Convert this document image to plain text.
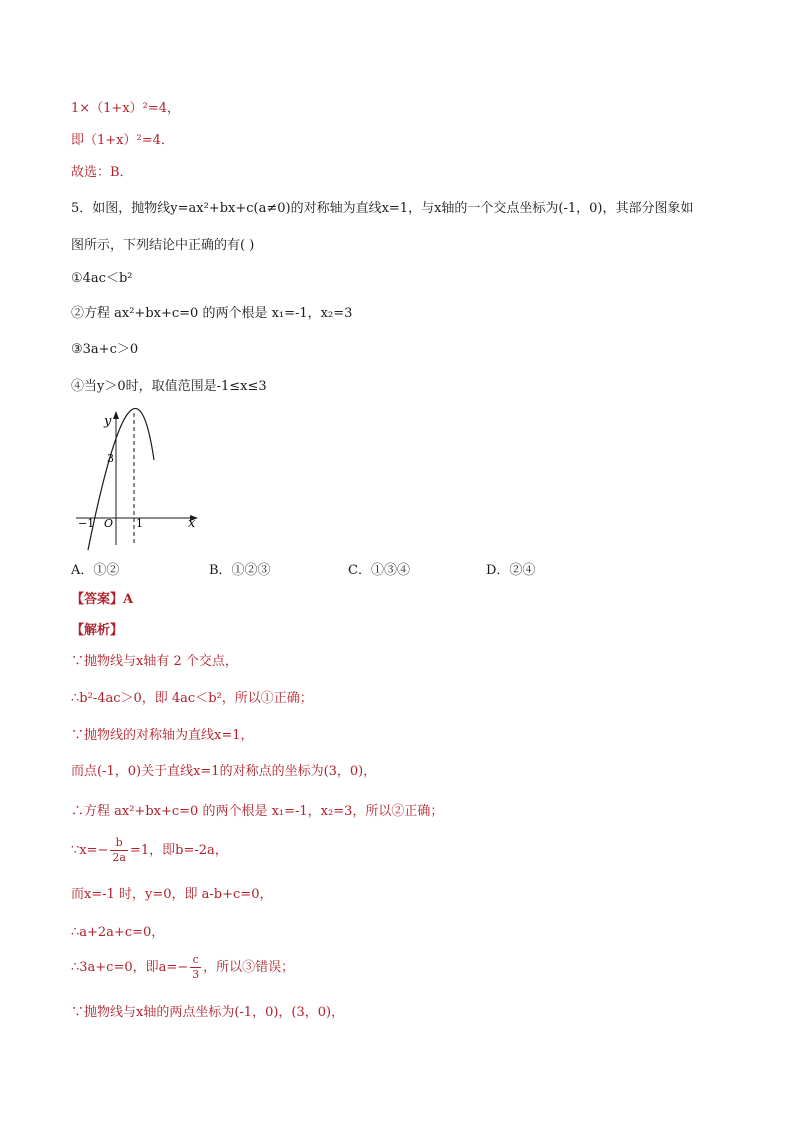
1×（1+x）²=4，
即（1+x）²=4．
故选：B．
5．如图，抛物线y=ax²+bx+c(a≠0)的对称轴为直线x=1，与x轴的一个交点坐标为(-1，0)，其部分图象如
图所示，下列结论中正确的有( )
①4ac＜b²
②方程 ax²+bx+c=0 的两个根是 x₁=-1，x₂=3
③3a+c＞0
④当y＞0时，取值范围是-1≤x≤3
y
x
3
−1 O 1
A．①②	B．①②③	C．①③④	D．②④
【答案】A
【解析】
∵抛物线与x轴有 2 个交点，
∴b²-4ac＞0，即 4ac＜b²，所以①正确；
∵抛物线的对称轴为直线x=1，
而点(-1，0)关于直线x=1的对称点的坐标为(3，0)，
∴方程 ax²+bx+c=0 的两个根是 x₁=-1，x₂=3，所以②正确；
∵x=− $\frac{b}{2a} =1$，即b=-2a，
而x=-1 时，y=0，即 a-b+c=0，
∴a+2a+c=0，
∴3a+c=0，即$a=- \frac{c}{3}$ ，所以③错误；
∵抛物线与x轴的两点坐标为(-1，0)，(3，0)，
